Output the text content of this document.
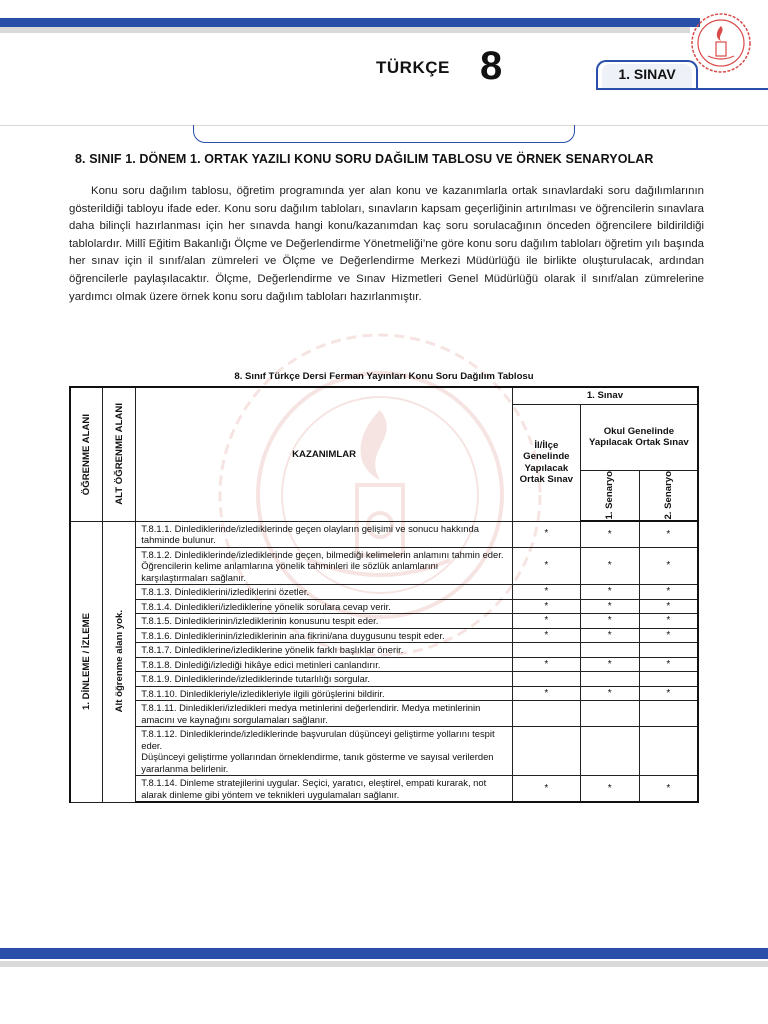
TÜRKÇE 8	1. SINAV
8. SINIF 1. DÖNEM 1. ORTAK YAZILI KONU SORU DAĞILIM TABLOSU VE ÖRNEK SENARYOLAR

Konu soru dağılım tablosu, öğretim programında yer alan konu ve kazanımlarla ortak sınavlardaki soru dağılımlarının gösterildiği tabloyu ifade eder. Konu soru dağılım tabloları, sınavların kapsam geçerliğinin artırılması ve öğrencilerin sınavlara daha bilinçli hazırlanması için her sınavda hangi konu/kazanımdan kaç soru sorulacağının önceden öğrencilere bildirildiği tablolardır. Millî Eğitim Bakanlığı Ölçme ve Değerlendirme Yönetmeliği’ne göre konu soru dağılım tabloları öğretim yılı başında her sınav için il sınıf/alan zümreleri ve Ölçme ve Değerlendirme Merkezi Müdürlüğü ile birlikte oluşturulacak, ardından öğrencilerle paylaşılacaktır. Ölçme, Değerlendirme ve Sınav Hizmetleri Genel Müdürlüğü olarak il sınıf/alan zümrelerine yardımcı olmak üzere örnek konu soru dağılım tabloları hazırlanmıştır.

8. Sınıf Türkçe Dersi Ferman Yayınları Konu Soru Dağılım Tablosu
ÖĞRENME ALANI	ALT ÖĞRENME ALANI	KAZANIMLAR	1. Sınav		
			İl/İlçe Genelinde Yapılacak Ortak Sınav	Okul Genelinde Yapılacak Ortak Sınav	

				1. Senaryo	2. Senaryo

1. DİNLEME / İZLEME	Alt öğrenme alanı yok.	T.8.1.1. Dinlediklerinde/izlediklerinde geçen olayların gelişimi ve sonucu hakkında tahminde bulunur.	*	*	*
		T.8.1.2. Dinlediklerinde/izlediklerinde geçen, bilmediği kelimelerin anlamını tahmin eder. Öğrencilerin kelime anlamlarına yönelik tahminleri ile sözlük anlamlarını karşılaştırmaları sağlanır.	*	*	*
		T.8.1.3. Dinlediklerini/izlediklerini özetler.	*	*	*
		T.8.1.4. Dinledikleri/izlediklerine yönelik sorulara cevap verir.	*	*	*
		T.8.1.5. Dinlediklerinin/izlediklerinin konusunu tespit eder.	*	*	*
		T.8.1.6. Dinlediklerinin/izlediklerinin ana fikrini/ana duygusunu tespit eder.	*	*	*
		T.8.1.7. Dinlediklerine/izlediklerine yönelik farklı başlıklar önerir.			
		T.8.1.8. Dinlediği/izlediği hikâye edici metinleri canlandırır.	*	*	*
		T.8.1.9. Dinlediklerinde/izlediklerinde tutarlılığı sorgular.			
		T.8.1.10. Dinledikleriyle/izledikleriyle ilgili görüşlerini bildirir.	*	*	*
		T.8.1.11. Dinledikleri/izledikleri medya metinlerini değerlendirir. Medya metinlerinin amacını ve kaynağını sorgulamaları sağlanır.			
		T.8.1.12. Dinlediklerinde/izlediklerinde başvurulan düşünceyi geliştirme yollarını tespit eder.
Düşünceyi geliştirme yollarından örneklendirme, tanık gösterme ve sayısal verilerden yararlanma belirlenir.			
		T.8.1.14. Dinleme stratejilerini uygular. Seçici, yaratıcı, eleştirel, empati kurarak, not alarak dinleme gibi yöntem ve teknikleri uygulamaları sağlanır.	*	*	*
